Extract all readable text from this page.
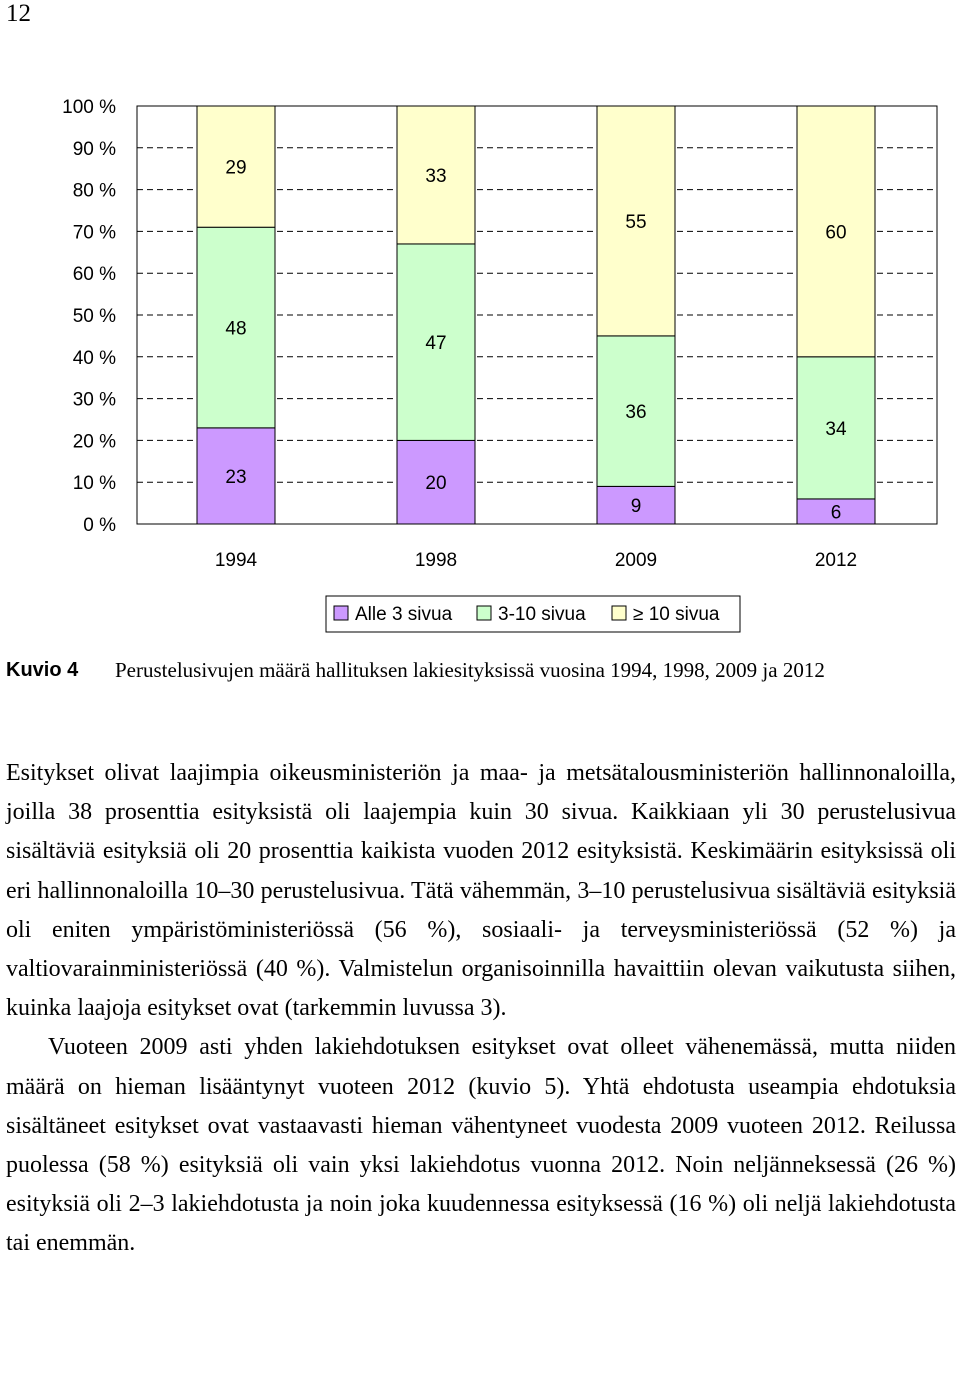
12
100 %
90 %
80 %
70 %
60 %
50 %
40 %
30 %
20 %
10 %
0 %
23
48
29
20
47
33
9
36
55
6
34
60
1994	1998	2009	2012
Alle 3 sivua 3-10 sivua ≥ 10 sivua
Kuvio 4 Perustelusivujen määrä hallituksen lakiesityksissä vuosina 1994, 1998, 2009 ja 2012

Esitykset olivat laajimpia oikeusministeriön ja maa- ja metsätalousministeriön hallinnonaloilla, joilla 38 prosenttia esityksistä oli laajempia kuin 30 sivua. Kaikkiaan yli 30 perustelusivua sisältäviä esityksiä oli 20 prosenttia kaikista vuoden 2012 esityksistä. Keskimäärin esityksissä oli eri hallinnonaloilla 10–30 perustelusivua. Tätä vähemmän, 3–10 perustelusivua sisältäviä esityksiä oli eniten ympäristöministeriössä (56 %), sosiaali- ja terveysministeriössä (52 %) ja valtiovarainministeriössä (40 %). Valmistelun organisoinnilla havaittiin olevan vaikutusta siihen, kuinka laajoja esitykset ovat (tarkemmin luvussa 3).

Vuoteen 2009 asti yhden lakiehdotuksen esitykset ovat olleet vähenemässä, mutta niiden määrä on hieman lisääntynyt vuoteen 2012 (kuvio 5). Yhtä ehdotusta useampia ehdotuksia sisältäneet esitykset ovat vastaavasti hieman vähentyneet vuodesta 2009 vuoteen 2012. Reilussa puolessa (58 %) esityksiä oli vain yksi lakiehdotus vuonna 2012. Noin neljänneksessä (26 %) esityksiä oli 2–3 lakiehdotusta ja noin joka kuudennessa esityksessä (16 %) oli neljä lakiehdotusta tai enemmän.
